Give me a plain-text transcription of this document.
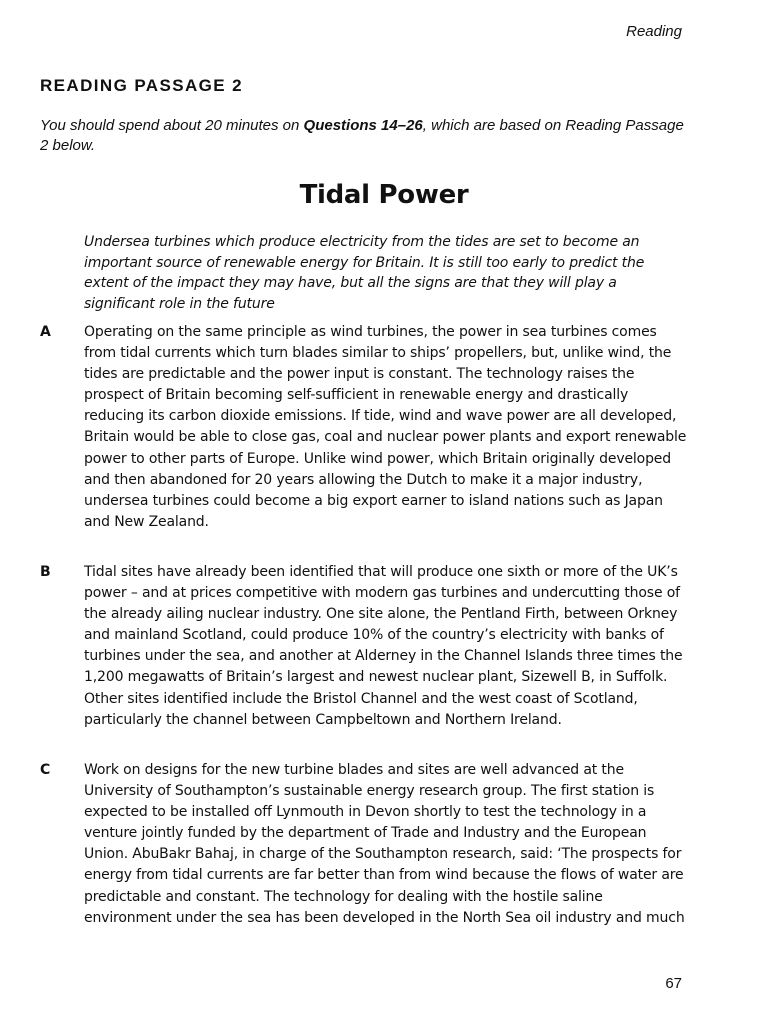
Reading
READING PASSAGE 2

You should spend about 20 minutes on Questions 14–26, which are based on Reading Passage 2 below.

Tidal Power

Undersea turbines which produce electricity from the tides are set to become an important source of renewable energy for Britain. It is still too early to predict the extent of the impact they may have, but all the signs are that they will play a significant role in the future

A Operating on the same principle as wind turbines, the power in sea turbines comes from tidal currents which turn blades similar to ships’ propellers, but, unlike wind, the tides are predictable and the power input is constant. The technology raises the prospect of Britain becoming self-sufficient in renewable energy and drastically reducing its carbon dioxide emissions. If tide, wind and wave power are all developed, Britain would be able to close gas, coal and nuclear power plants and export renewable power to other parts of Europe. Unlike wind power, which Britain originally developed and then abandoned for 20 years allowing the Dutch to make it a major industry, undersea turbines could become a big export earner to island nations such as Japan and New Zealand.

B Tidal sites have already been identified that will produce one sixth or more of the UK’s power – and at prices competitive with modern gas turbines and undercutting those of the already ailing nuclear industry. One site alone, the Pentland Firth, between Orkney and mainland Scotland, could produce 10% of the country’s electricity with banks of turbines under the sea, and another at Alderney in the Channel Islands three times the 1,200 megawatts of Britain’s largest and newest nuclear plant, Sizewell B, in Suffolk. Other sites identified include the Bristol Channel and the west coast of Scotland, particularly the channel between Campbeltown and Northern Ireland.

C Work on designs for the new turbine blades and sites are well advanced at the University of Southampton’s sustainable energy research group. The first station is expected to be installed off Lynmouth in Devon shortly to test the technology in a venture jointly funded by the department of Trade and Industry and the European Union. AbuBakr Bahaj, in charge of the Southampton research, said: ‘The prospects for energy from tidal currents are far better than from wind because the flows of water are predictable and constant. The technology for dealing with the hostile saline environment under the sea has been developed in the North Sea oil industry and much

67
